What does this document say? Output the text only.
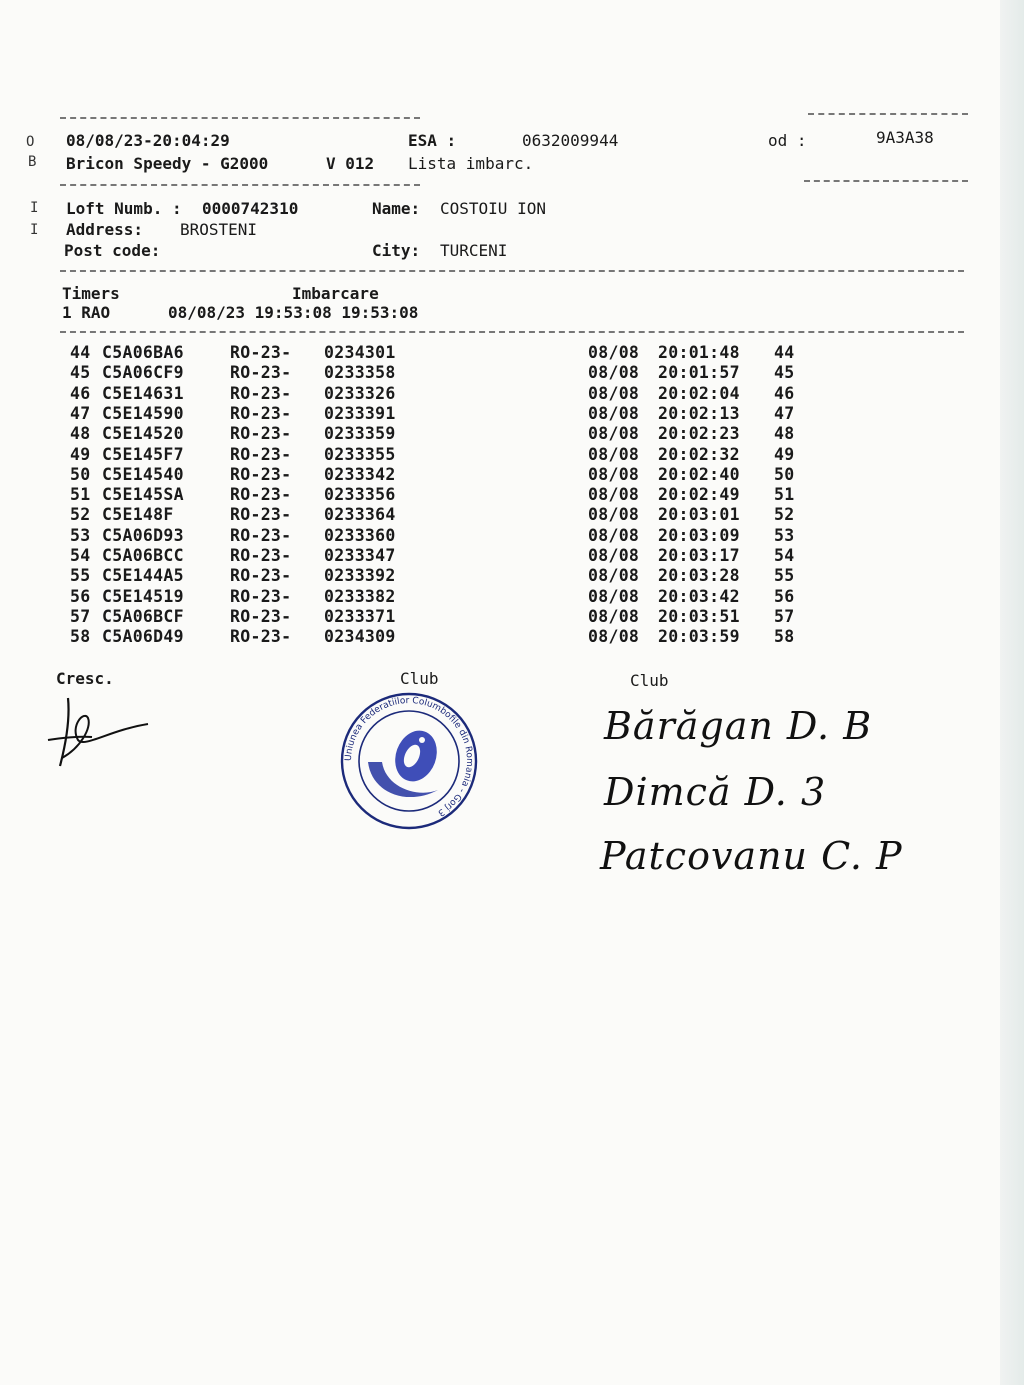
O
B
I
I
08/08/23-20:04:29	ESA :	0632009944	od :	9A3A38
Bricon Speedy - G2000	V 012 Lista imbarc.
Loft Numb. : 0000742310	Name: COSTOIU ION
Address: BROSTENI
Post code:	City: TURCENI
Timers	Imbarcare
1 RAO      08/08/23 19:53:08 19:53:08
44 C5A06BA6	RO-23- 0234301	08/08 20:01:48 44
45 C5A06CF9	RO-23- 0233358	08/08 20:01:57 45
46 C5E14631	RO-23- 0233326	08/08 20:02:04 46
47 C5E14590	RO-23- 0233391	08/08 20:02:13 47
48 C5E14520	RO-23- 0233359	08/08 20:02:23 48
49 C5E145F7	RO-23- 0233355	08/08 20:02:32 49
50 C5E14540	RO-23- 0233342	08/08 20:02:40 50
51 C5E145SA	RO-23- 0233356	08/08 20:02:49 51
52 C5E148F	RO-23- 0233364	08/08 20:03:01 52
53 C5A06D93	RO-23- 0233360	08/08 20:03:09 53
54 C5A06BCC	RO-23- 0233347	08/08 20:03:17 54
55 C5E144A5	RO-23- 0233392	08/08 20:03:28 55
56 C5E14519	RO-23- 0233382	08/08 20:03:42 56
57 C5A06BCF	RO-23- 0233371	08/08 20:03:51 57
58 C5A06D49	RO-23- 0234309	08/08 20:03:59 58
Cresc.	Club	Club
Uniunea Federatiilor Columbofile din Romania - Gorj 3
Bărăgan D. B
Dimcă D. 3
Patcovanu C. P
